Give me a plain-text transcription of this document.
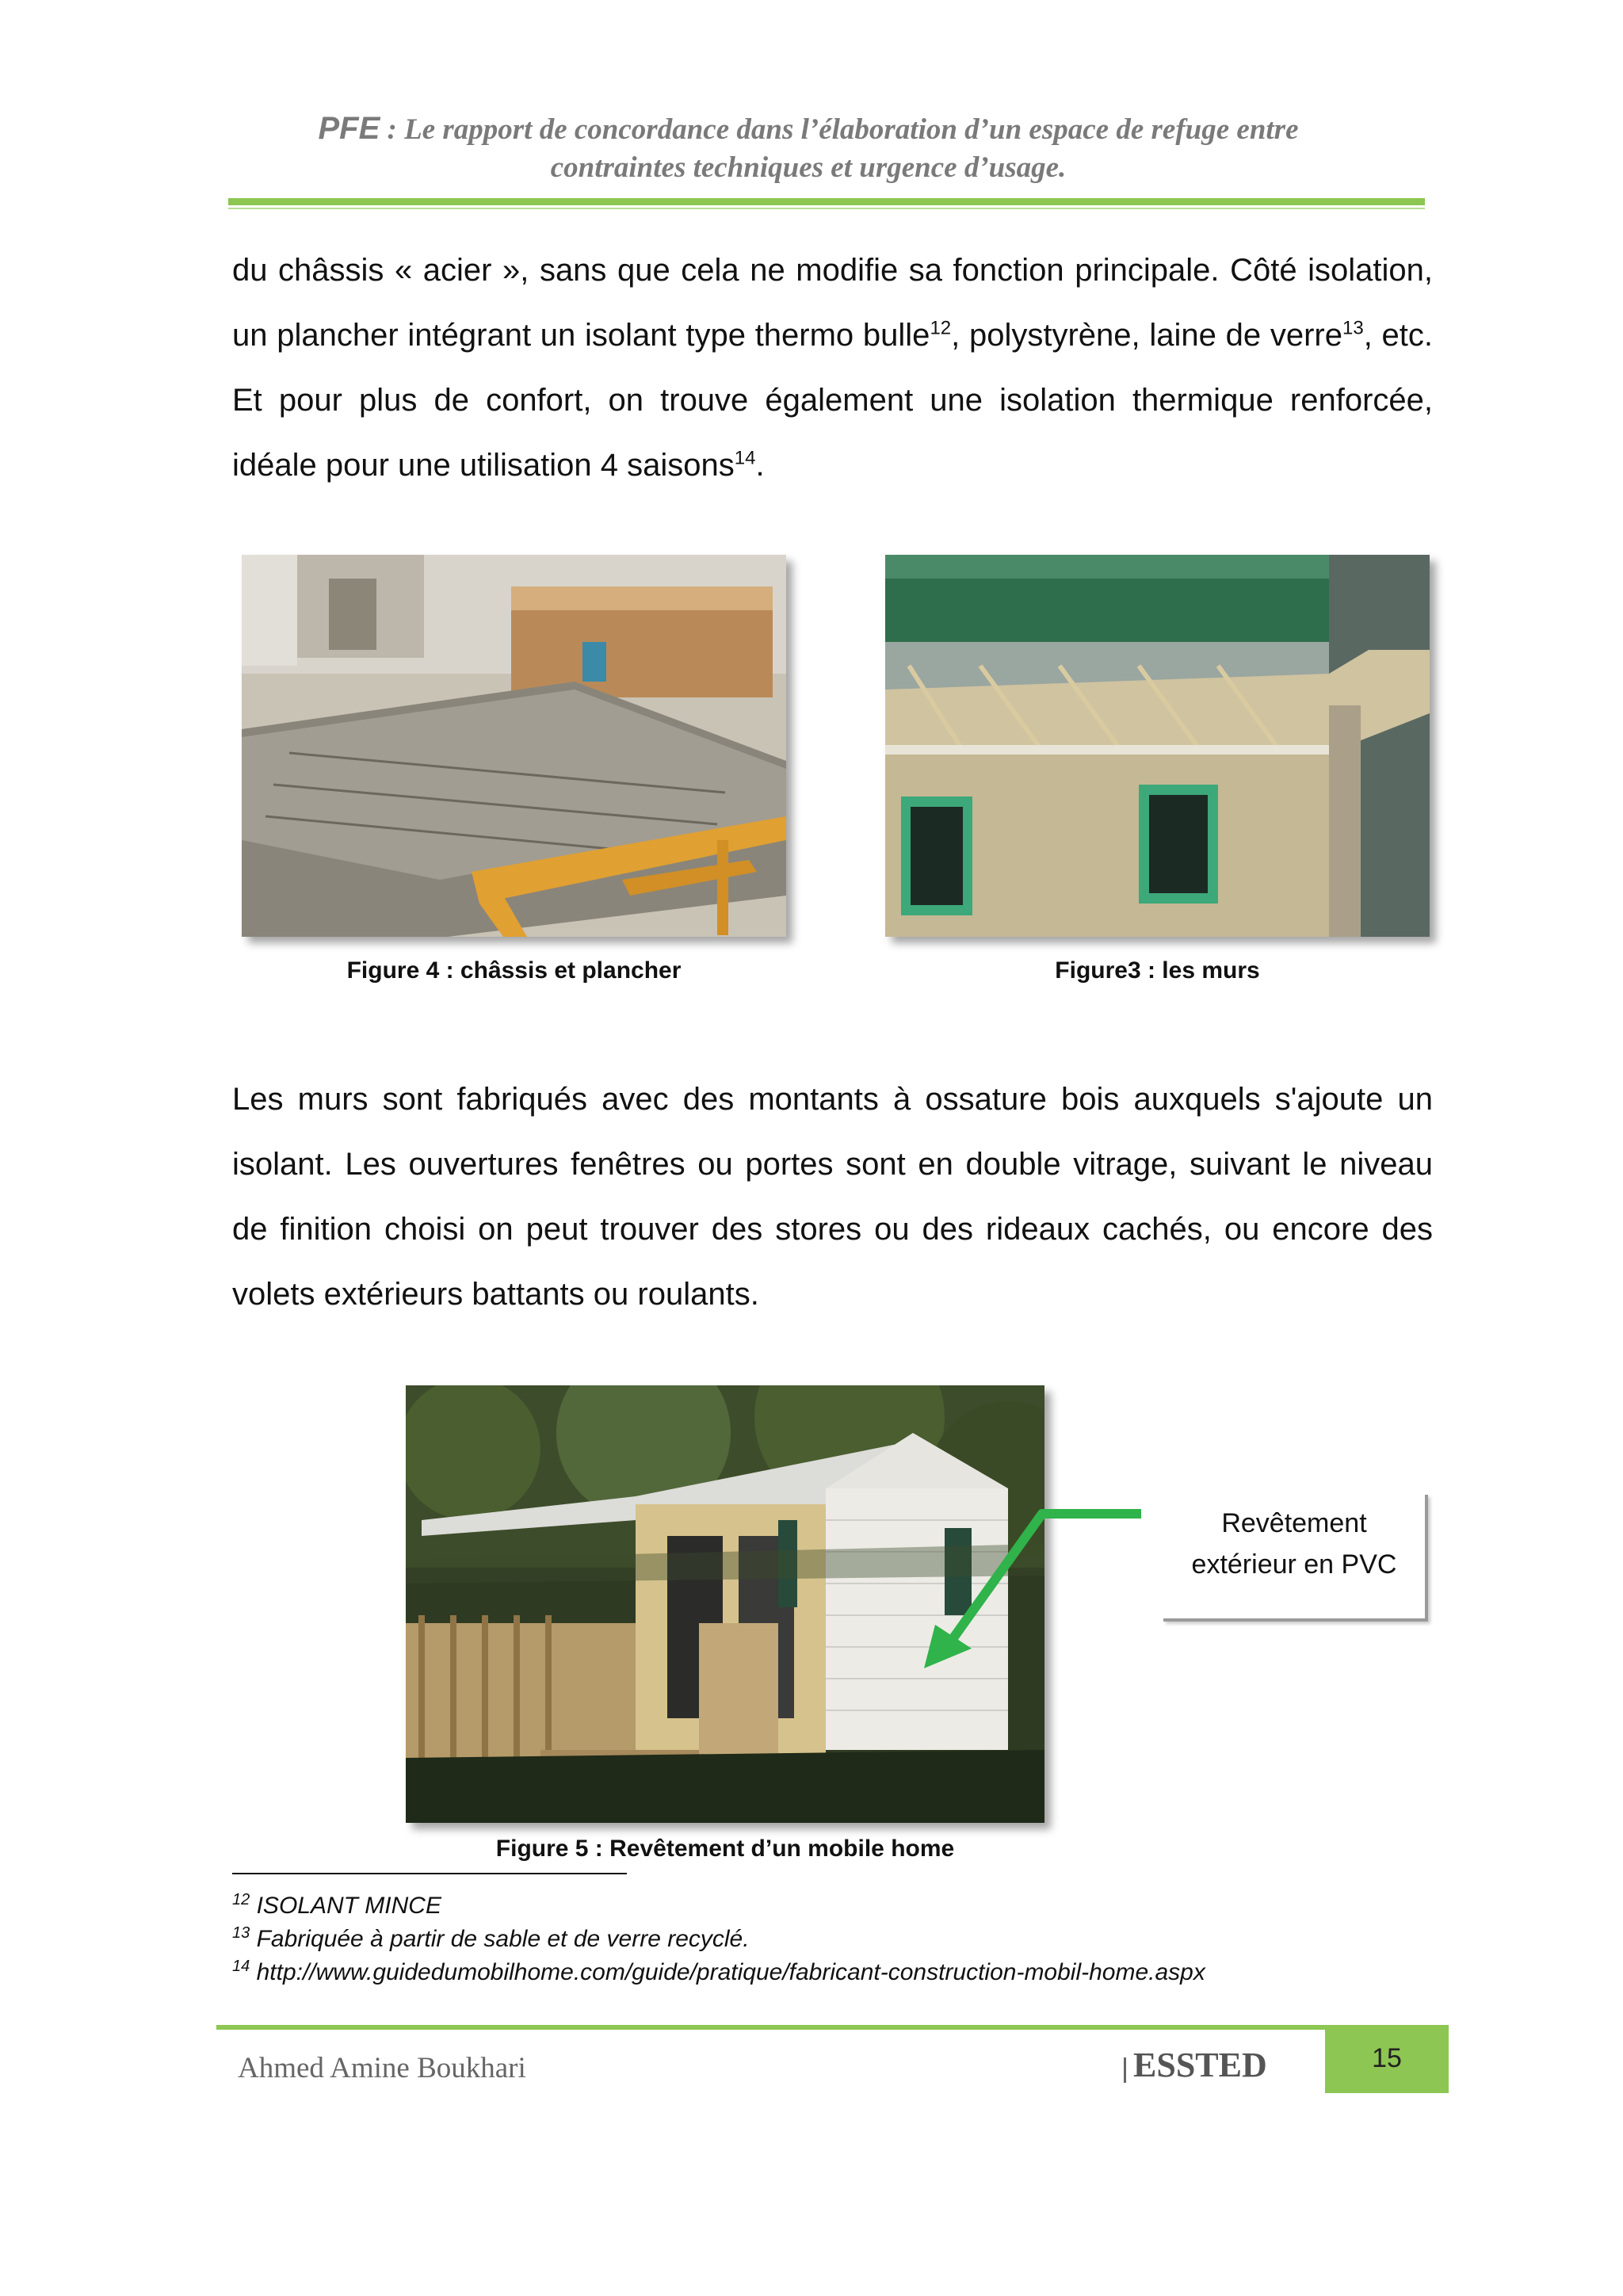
PFE : Le rapport de concordance dans l’élaboration d’un espace de refuge entre
contraintes techniques et urgence d’usage.

du châssis « acier », sans que cela ne modifie sa fonction principale. Côté isolation, un plancher intégrant un isolant type thermo bulle$^{12}$, polystyrène, laine de verre$^{13}$, etc. Et pour plus de confort, on trouve également une isolation thermique renforcée, idéale pour une utilisation 4 saisons$^{14}$.

Figure 4 : châssis et plancher	Figure3 : les murs

Les murs sont fabriqués avec des montants à ossature bois auxquels s'ajoute un isolant. Les ouvertures fenêtres ou portes sont en double vitrage, suivant le niveau de finition choisi on peut trouver des stores ou des rideaux cachés, ou encore des volets extérieurs battants ou roulants.

Revêtement
extérieur en PVC
Figure 5 : Revêtement d’un mobile home
$^{12}$ ISOLANT MINCE
$^{13}$ Fabriquée à partir de sable et de verre recyclé.
$^{14}$ http://www.guidedumobilhome.com/guide/pratique/fabricant-construction-mobil-home.aspx
Ahmed Amine Boukhari	ESSTED	15
